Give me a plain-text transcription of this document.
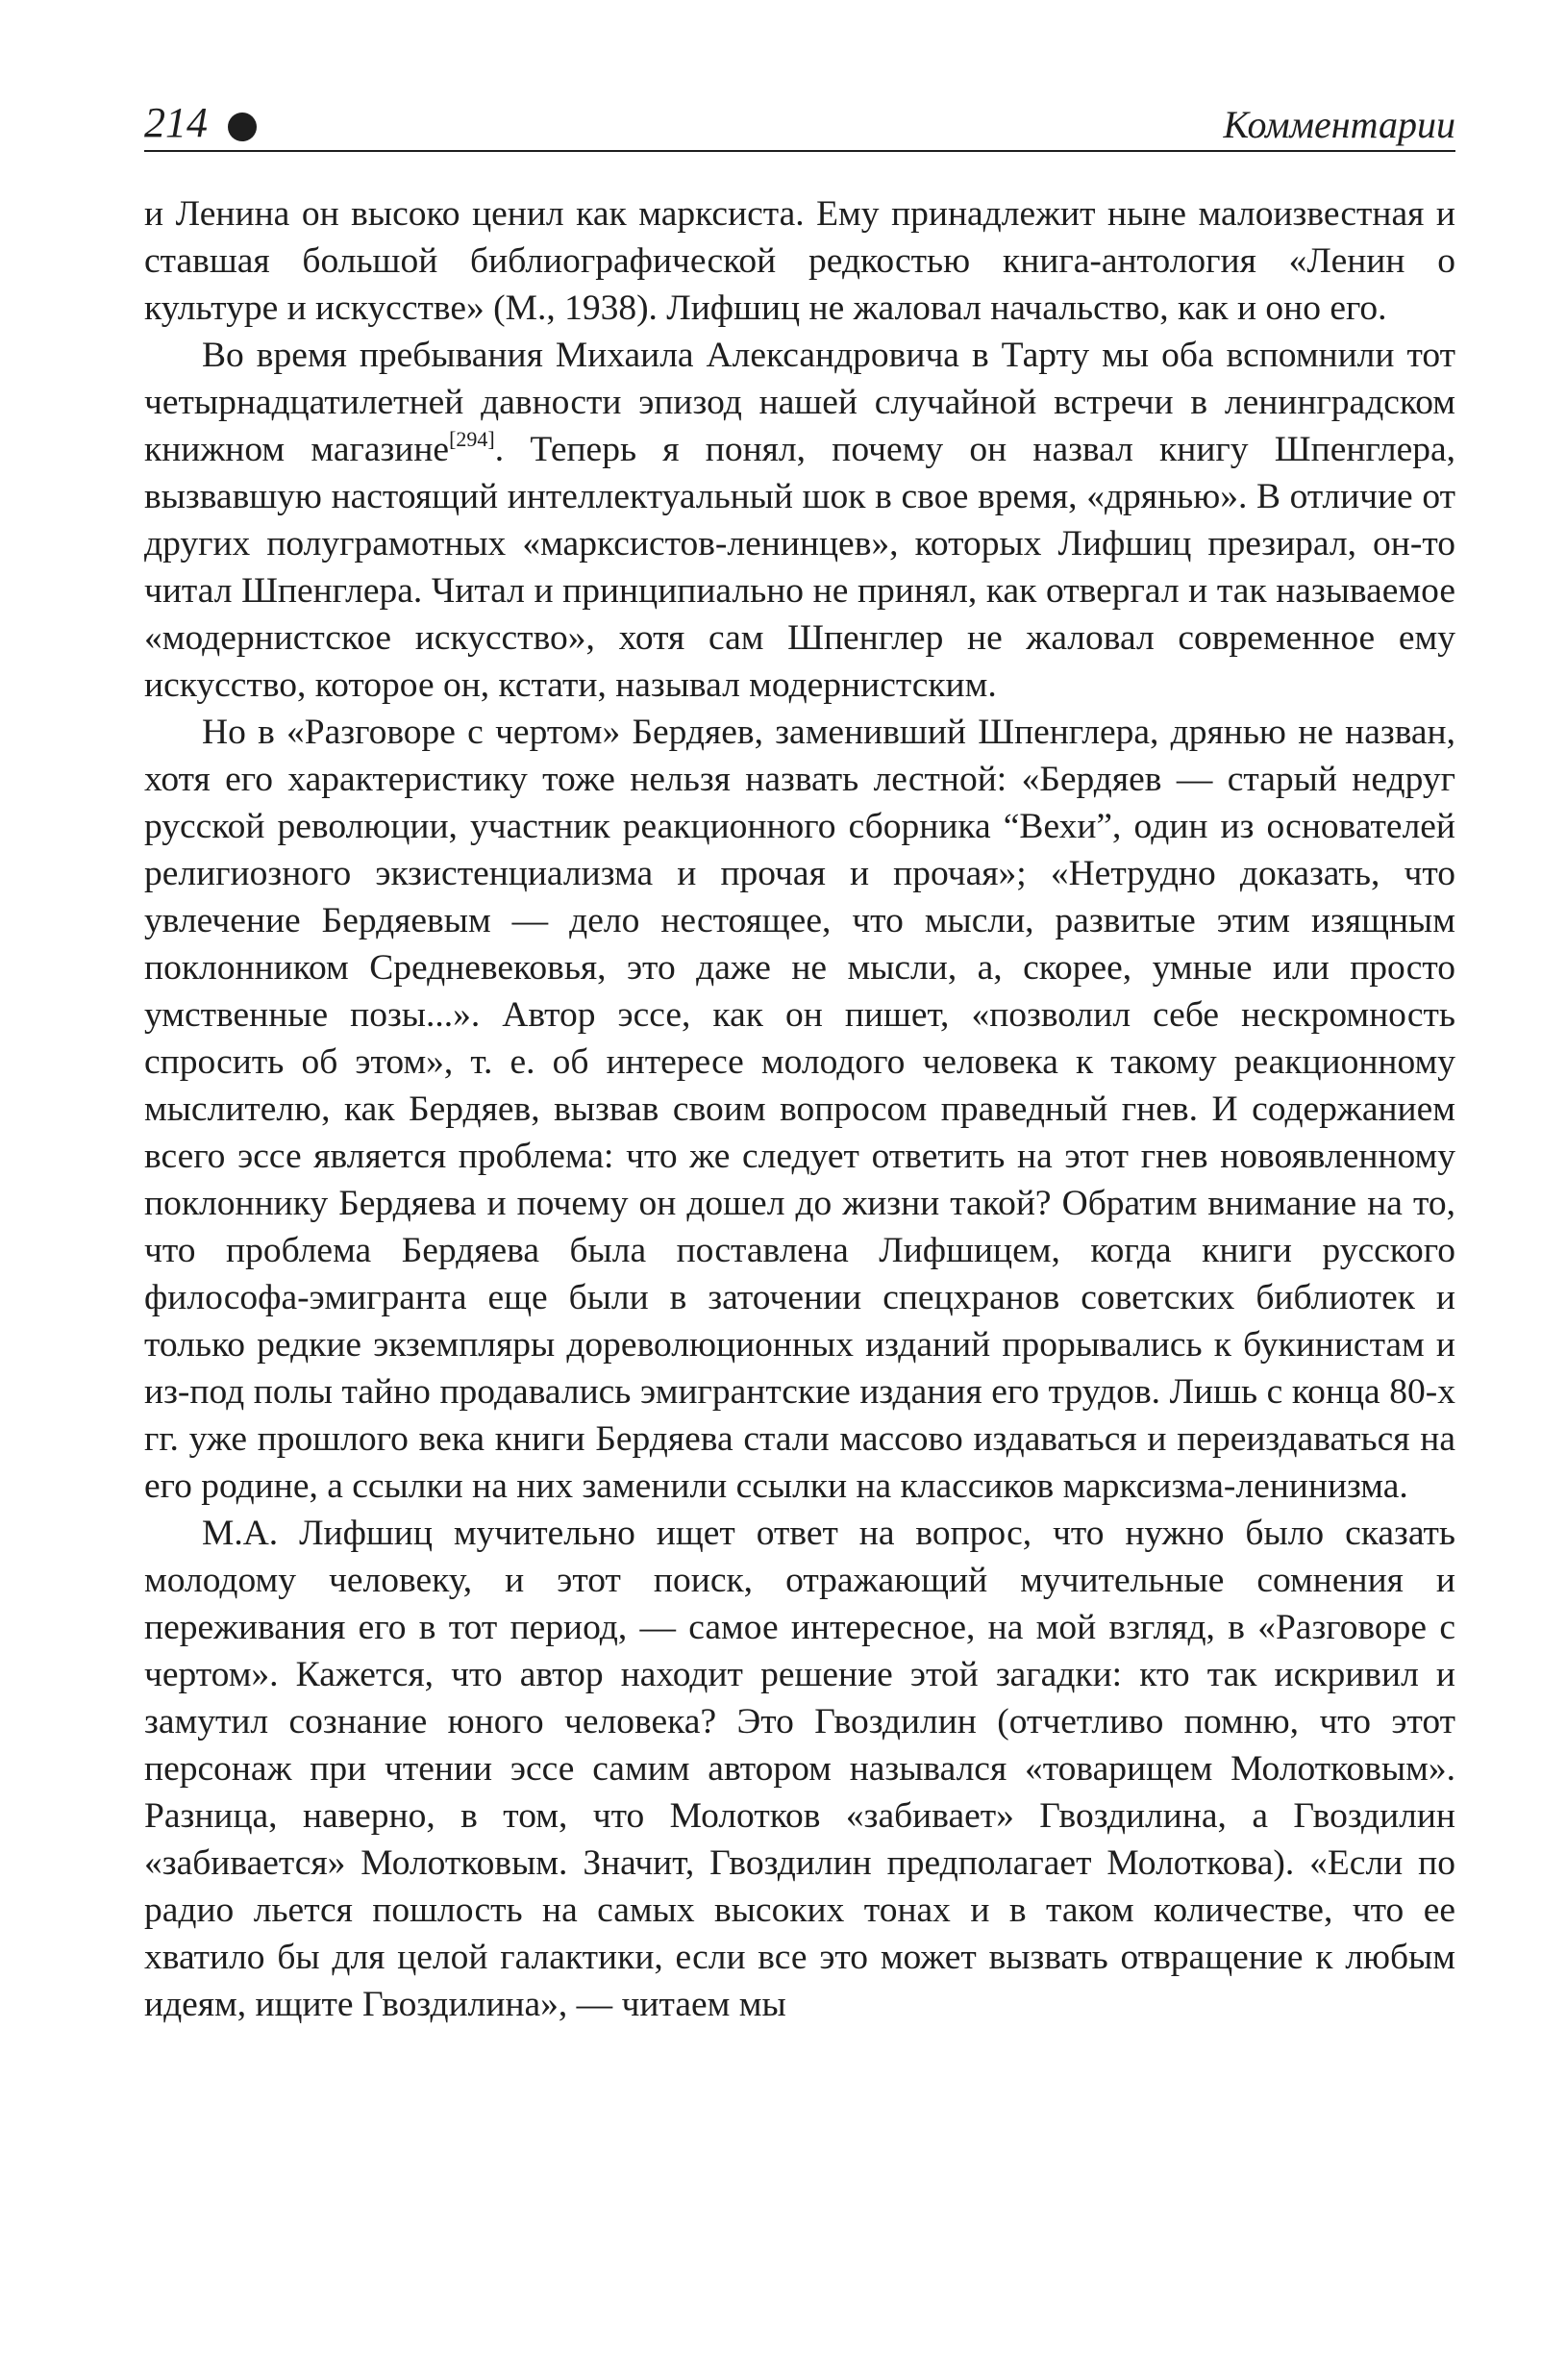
214	Комментарии

и Ленина он высоко ценил как марксиста. Ему принадлежит ныне малоизвестная и ставшая большой библиографической редкостью книга-антология «Ленин о культуре и искусстве» (М., 1938). Лифшиц не жаловал начальство, как и оно его.

Во время пребывания Михаила Александровича в Тарту мы оба вспомнили тот четырнадцатилетней давности эпизод нашей случайной встречи в ленинградском книжном магазине[294]. Теперь я понял, почему он назвал книгу Шпенглера, вызвавшую настоящий интеллектуальный шок в свое время, «дрянью». В отличие от других полуграмотных «марксистов-ленинцев», которых Лифшиц презирал, он-то читал Шпенглера. Читал и принципиально не принял, как отвергал и так называемое «модернистское искусство», хотя сам Шпенглер не жаловал современное ему искусство, которое он, кстати, называл модернистским.

Но в «Разговоре с чертом» Бердяев, заменивший Шпенглера, дрянью не назван, хотя его характеристику тоже нельзя назвать лестной: «Бердяев — старый недруг русской революции, участник реакционного сборника “Вехи”, один из основателей религиозного экзистенциализма и прочая и прочая»; «Нетрудно доказать, что увлечение Бердяевым — дело нестоящее, что мысли, развитые этим изящным поклонником Средневековья, это даже не мысли, а, скорее, умные или просто умственные позы...». Автор эссе, как он пишет, «позволил себе нескромность спросить об этом», т. е. об интересе молодого человека к такому реакционному мыслителю, как Бердяев, вызвав своим вопросом праведный гнев. И содержанием всего эссе является проблема: что же следует ответить на этот гнев новоявленному поклоннику Бердяева и почему он дошел до жизни такой? Обратим внимание на то, что проблема Бердяева была поставлена Лифшицем, когда книги русского философа-эмигранта еще были в заточении спецхранов советских библиотек и только редкие экземпляры дореволюционных изданий прорывались к букинистам и из-под полы тайно продавались эмигрантские издания его трудов. Лишь с конца 80-х гг. уже прошлого века книги Бердяева стали массово издаваться и переиздаваться на его родине, а ссылки на них заменили ссылки на классиков марксизма-ленинизма.

М.А. Лифшиц мучительно ищет ответ на вопрос, что нужно было сказать молодому человеку, и этот поиск, отражающий мучительные сомнения и переживания его в тот период, — самое интересное, на мой взгляд, в «Разговоре с чертом». Кажется, что автор находит решение этой загадки: кто так искривил и замутил сознание юного человека? Это Гвоздилин (отчетливо помню, что этот персонаж при чтении эссе самим автором назывался «товарищем Молотковым». Разница, наверно, в том, что Молотков «забивает» Гвоздилина, а Гвоздилин «забивается» Молотковым. Значит, Гвоздилин предполагает Молоткова). «Если по радио льется пошлость на самых высоких тонах и в таком количестве, что ее хватило бы для целой галактики, если все это может вызвать отвращение к любым идеям, ищите Гвоздилина», — читаем мы
